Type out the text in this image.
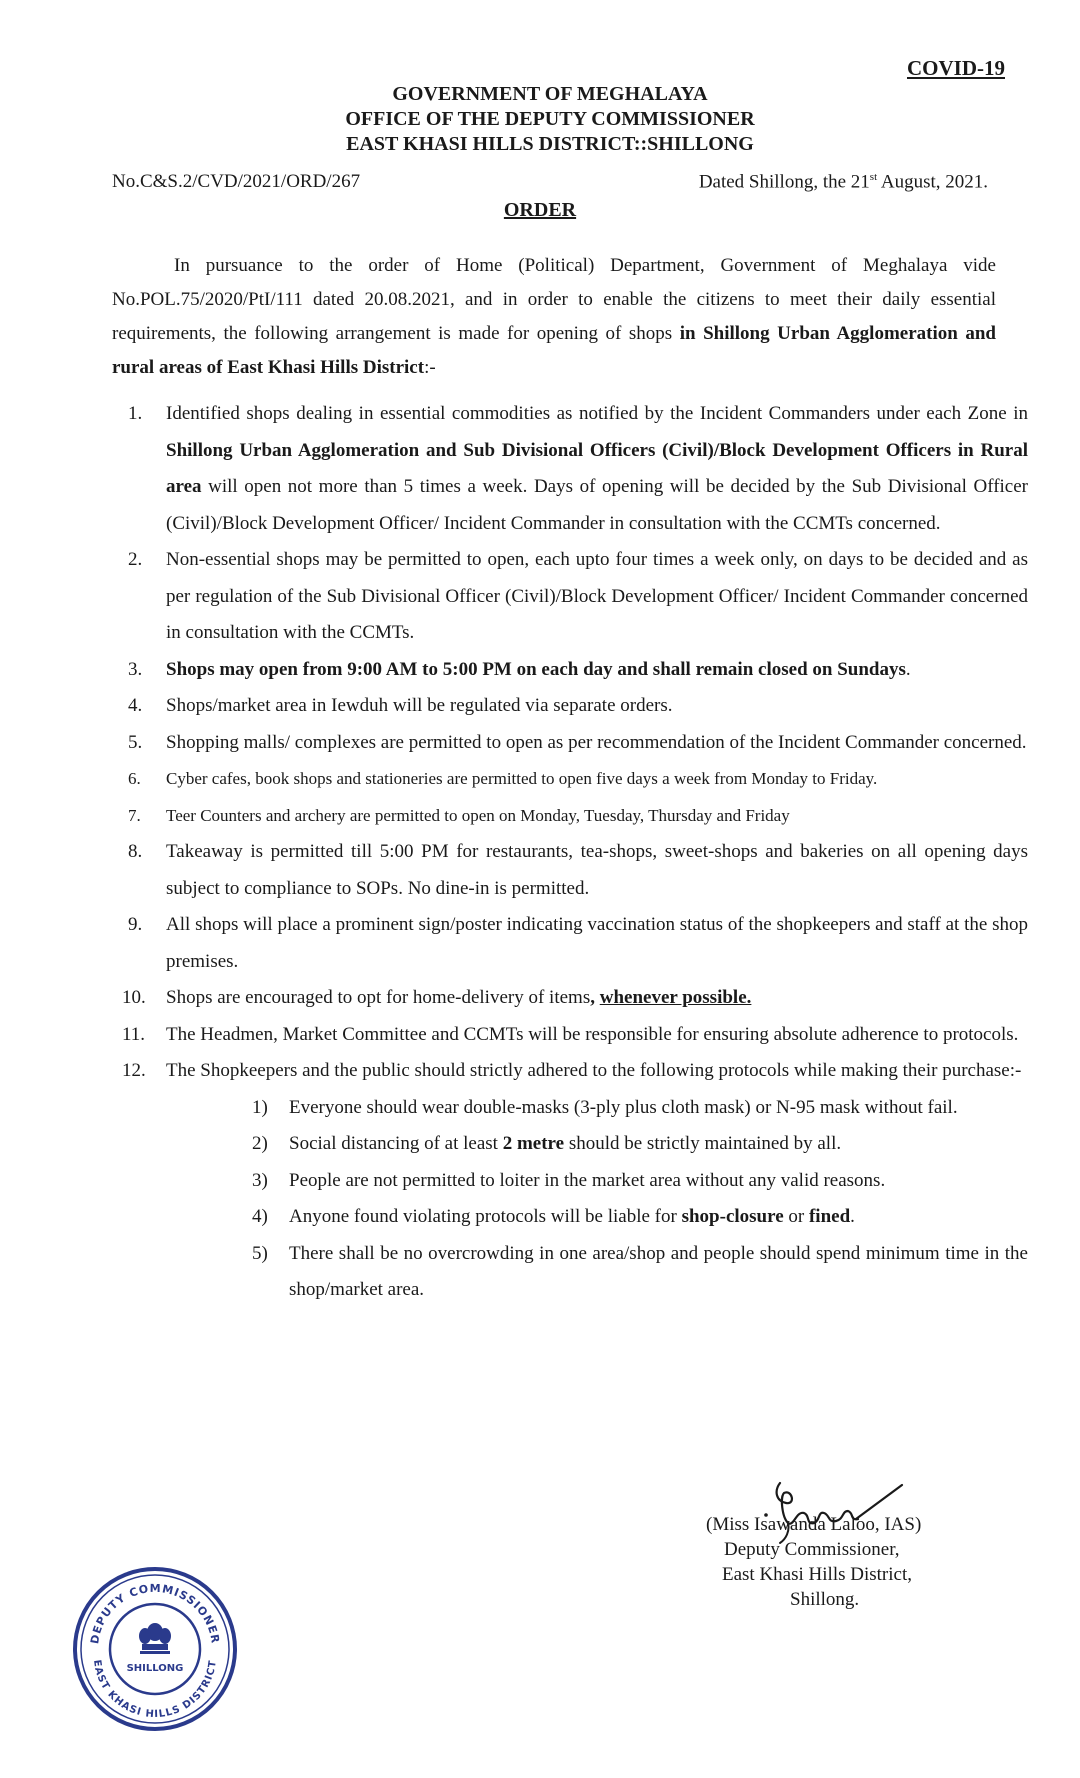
COVID-19
GOVERNMENT OF MEGHALAYA
OFFICE OF THE DEPUTY COMMISSIONER
EAST KHASI HILLS DISTRICT::SHILLONG
No.C&S.2/CVD/2021/ORD/267	Dated Shillong, the 21st August, 2021.
ORDER

In pursuance to the order of Home (Political) Department, Government of Meghalaya vide No.POL.75/2020/PtI/111 dated 20.08.2021, and in order to enable the citizens to meet their daily essential requirements, the following arrangement is made for opening of shops in Shillong Urban Agglomeration and rural areas of East Khasi Hills District:-

1. Identified shops dealing in essential commodities as notified by the Incident Commanders under each Zone in Shillong Urban Agglomeration and Sub Divisional Officers (Civil)/Block Development Officers in Rural area will open not more than 5 times a week. Days of opening will be decided by the Sub Divisional Officer (Civil)/Block Development Officer/ Incident Commander in consultation with the CCMTs concerned.
2. Non-essential shops may be permitted to open, each upto four times a week only, on days to be decided and as per regulation of the Sub Divisional Officer (Civil)/Block Development Officer/ Incident Commander concerned in consultation with the CCMTs.
3. Shops may open from 9:00 AM to 5:00 PM on each day and shall remain closed on Sundays.
4. Shops/market area in Iewduh will be regulated via separate orders.
5. Shopping malls/ complexes are permitted to open as per recommendation of the Incident Commander concerned.
6. Cyber cafes, book shops and stationeries are permitted to open five days a week from Monday to Friday.
7. Teer Counters and archery are permitted to open on Monday, Tuesday, Thursday and Friday
8. Takeaway is permitted till 5:00 PM for restaurants, tea-shops, sweet-shops and bakeries on all opening days subject to compliance to SOPs. No dine-in is permitted.
9. All shops will place a prominent sign/poster indicating vaccination status of the shopkeepers and staff at the shop premises.
10. Shops are encouraged to opt for home-delivery of items, whenever possible.
11. The Headmen, Market Committee and CCMTs will be responsible for ensuring absolute adherence to protocols.
12. The Shopkeepers and the public should strictly adhered to the following protocols while making their purchase:-
1) Everyone should wear double-masks (3-ply plus cloth mask) or N-95 mask without fail.
2) Social distancing of at least 2 metre should be strictly maintained by all.
3) People are not permitted to loiter in the market area without any valid reasons.
4) Anyone found violating protocols will be liable for shop-closure or fined.
5) There shall be no overcrowding in one area/shop and people should spend minimum time in the shop/market area.
(Miss Isawanda Laloo, IAS)
Deputy Commissioner,
East Khasi Hills District,
Shillong.
DEPUTY COMMISSIONER
EAST KHASI HILLS DISTRICT
SHILLONG
